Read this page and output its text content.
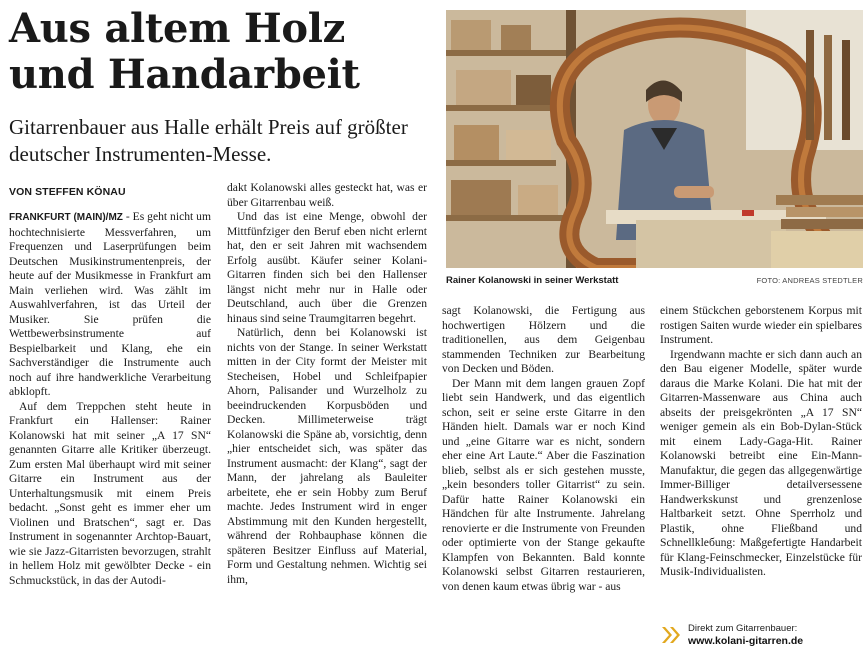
Aus altem Holz und Handarbeit
Gitarrenbauer aus Halle erhält Preis auf größter deutscher Instrumenten-Messe.
VON STEFFEN KÖNAU
Rainer Kolanowski in seiner Werkstatt	FOTO: ANDREAS STEDTLER

FRANKFURT (MAIN)/MZ - Es geht nicht um hochtechnisierte Messverfahren, um Frequenzen und Laserprüfungen beim Deutschen Musikinstrumentenpreis, der heute auf der Musikmesse in Frankfurt am Main verliehen wird. Was zählt im Auswahlverfahren, ist das Urteil der Musiker. Sie prüfen die Wettbewerbsinstrumente auf Bespielbarkeit und Klang, ehe ein Sachverständiger die Instrumente auch noch auf ihre handwerkliche Verarbeitung abklopft.

Auf dem Treppchen steht heute in Frankfurt ein Hallenser: Rainer Kolanowski hat mit seiner „A 17 SN“ genannten Gitarre alle Kritiker überzeugt. Zum ersten Mal überhaupt wird mit seiner Gitarre ein Instrument aus der Unterhaltungsmusik mit einem Preis bedacht. „Sonst geht es immer eher um Violinen und Bratschen“, sagt er. Das Instrument in sogenannter Archtop-Bauart, wie sie Jazz-Gitarristen bevorzugen, strahlt in hellem Holz mit gewölbter Decke - ein Schmuckstück, in das der Autodi-

dakt Kolanowski alles gesteckt hat, was er über Gitarrenbau weiß.

Und das ist eine Menge, obwohl der Mittfünfziger den Beruf eben nicht erlernt hat, den er seit Jahren mit wachsendem Erfolg ausübt. Käufer seiner Kolani-Gitarren finden sich bei den Hallenser längst nicht mehr nur in Halle oder Deutschland, auch über die Grenzen hinaus sind seine Traumgitarren begehrt.

Natürlich, denn bei Kolanowski ist nichts von der Stange. In seiner Werkstatt mitten in der City formt der Meister mit Stecheisen, Hobel und Schleifpapier Ahorn, Palisander und Wurzelholz zu beeindruckenden Korpusböden und Decken. Millimeterweise trägt Kolanowski die Späne ab, vorsichtig, denn „hier entscheidet sich, was später das Instrument ausmacht: der Klang“, sagt der Mann, der jahrelang als Bauleiter arbeitete, ehe er sein Hobby zum Beruf machte. Jedes Instrument wird in enger Abstimmung mit den Kunden hergestellt, während der Rohbauphase können die späteren Besitzer Einfluss auf Material, Form und Gestaltung nehmen. Wichtig sei ihm,

sagt Kolanowski, die Fertigung aus hochwertigen Hölzern und die traditionellen, aus dem Geigenbau stammenden Techniken zur Bearbeitung von Decken und Böden.

Der Mann mit dem langen grauen Zopf liebt sein Handwerk, und das eigentlich schon, seit er seine erste Gitarre in den Händen hielt. Damals war er noch Kind und „eine Gitarre war es nicht, sondern eher eine Art Laute.“ Aber die Faszination blieb, selbst als er sich gestehen musste, „kein besonders toller Gitarrist“ zu sein. Dafür hatte Rainer Kolanowski ein Händchen für alte Instrumente. Jahrelang renovierte er die Instrumente von Freunden oder optimierte von der Stange gekaufte Klampfen von Bekannten. Bald konnte Kolanowski selbst Gitarren restaurieren, von denen kaum etwas übrig war - aus

einem Stückchen geborstenem Korpus mit rostigen Saiten wurde wieder ein spielbares Instrument.

Irgendwann machte er sich dann auch an den Bau eigener Modelle, später wurde daraus die Marke Kolani. Die hat mit der Gitarren-Massenware aus China auch abseits der preisgekrönten „A 17 SN“ weniger gemein als ein Bob-Dylan-Stück mit einem Lady-Gaga-Hit. Rainer Kolanowski betreibt eine Ein-Mann-Manufaktur, die gegen das allgegenwärtige Immer-Billiger detailversessene Handwerkskunst und grenzenlose Haltbarkeit setzt. Ohne Sperrholz und Plastik, ohne Fließband und Schnellkleбung: Maßgefertigte Handarbeit für Klang-Feinschmecker, Einzelstücke für Musik-Individualisten.

Direkt zum Gitarrenbauer:
www.kolani-gitarren.de
